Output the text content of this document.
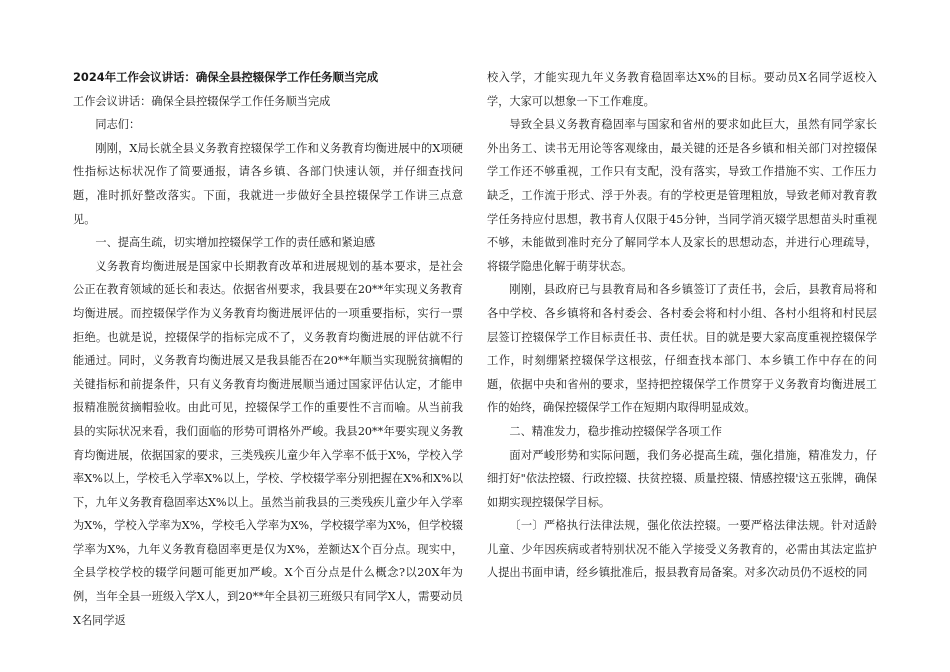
2024年工作会议讲话：确保全县控辍保学工作任务顺当完成

工作会议讲话：确保全县控辍保学工作任务顺当完成

同志们：

刚刚，X局长就全县义务教育控辍保学工作和义务教育均衡进展中的X项硬性指标达标状况作了简要通报，请各乡镇、各部门快速认领，并仔细查找问题，准时抓好整改落实。下面，我就进一步做好全县控辍保学工作讲三点意见。

一、提高生疏，切实增加控辍保学工作的责任感和紧迫感

义务教育均衡进展是国家中长期教育改革和进展规划的基本要求，是社会公正在教育领域的延长和表达。依据省州要求，我县要在20**年实现义务教育均衡进展。而控辍保学作为义务教育均衡进展评估的一项重要指标，实行一票拒绝。也就是说，控辍保学的指标完成不了，义务教育均衡进展的评估就不行能通过。同时，义务教育均衡进展又是我县能否在20**年顺当实现脱贫摘帽的关键指标和前提条件，只有义务教育均衡进展顺当通过国家评估认定，才能申报精准脱贫摘帽验收。由此可见，控辍保学工作的重要性不言而喻。从当前我县的实际状况来看，我们面临的形势可谓格外严峻。我县20**年要实现义务教育均衡进展，依据国家的要求，三类残疾儿童少年入学率不低于X%，学校入学率X%以上，学校毛入学率X%以上，学校、学校辍学率分别把握在X%和X%以下，九年义务教育稳固率达X%以上。虽然当前我县的三类残疾儿童少年入学率为X%，学校入学率为X%，学校毛入学率为X%，学校辍学率为X%，但学校辍学率为X%，九年义务教育稳固率更是仅为X%，差额达X个百分点。现实中，全县学校学校的辍学问题可能更加严峻。X个百分点是什么概念?以20X年为例，当年全县一班级入学X人，到20**年全县初三班级只有同学X人，需要动员X名同学返

校入学，才能实现九年义务教育稳固率达X%的目标。要动员X名同学返校入学，大家可以想象一下工作难度。

导致全县义务教育稳固率与国家和省州的要求如此巨大，虽然有同学家长外出务工、读书无用论等客观缘由，最关键的还是各乡镇和相关部门对控辍保学工作还不够重视，工作只有支配，没有落实，导致工作措施不实、工作压力缺乏，工作流于形式、浮于外表。有的学校更是管理粗放，导致老师对教育教学任务持应付思想，教书育人仅限于45分钟，当同学消灭辍学思想苗头时重视不够，未能做到准时充分了解同学本人及家长的思想动态，并进行心理疏导，将辍学隐患化解于萌芽状态。

刚刚，县政府已与县教育局和各乡镇签订了责任书，会后，县教育局将和各中学校、各乡镇将和各村委会、各村委会将和村小组、各村小组将和村民层层签订控辍保学工作目标责任书、责任状。目的就是要大家高度重视控辍保学工作，时刻绷紧控辍保学这根弦，仔细查找本部门、本乡镇工作中存在的问题，依据中央和省州的要求，坚持把控辍保学工作贯穿于义务教育均衡进展工作的始终，确保控辍保学工作在短期内取得明显成效。

二、精准发力，稳步推动控辍保学各项工作

面对严峻形势和实际问题，我们务必提高生疏，强化措施，精准发力，仔细打好"依法控辍、行政控辍、扶贫控辍、质量控辍、情感控辍'这五张牌，确保如期实现控辍保学目标。

〔一〕严格执行法律法规，强化依法控辍。一要严格法律法规。针对适龄儿童、少年因疾病或者特别状况不能入学接受义务教育的，必需由其法定监护人提出书面申请，经乡镇批准后，报县教育局备案。对多次动员仍不返校的同
